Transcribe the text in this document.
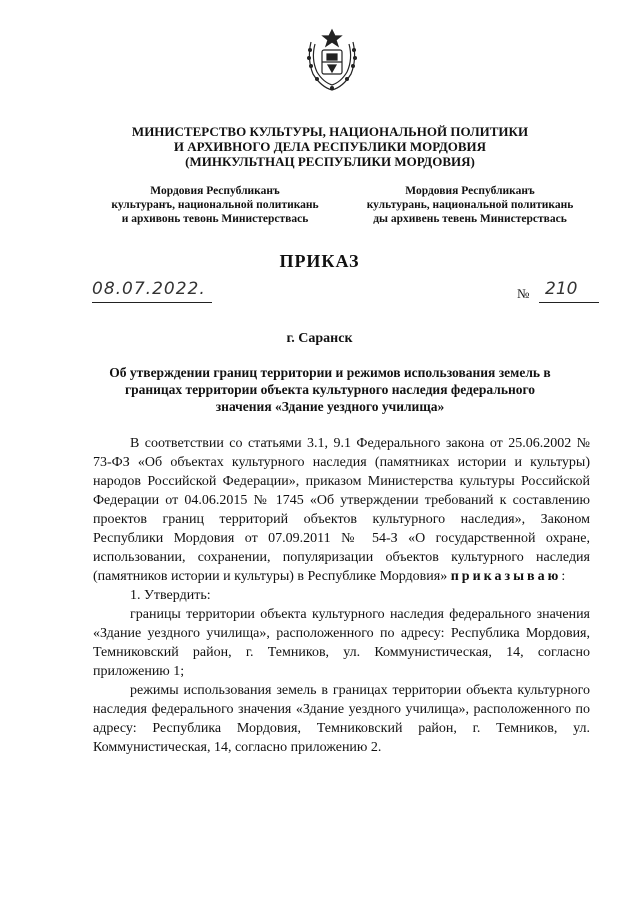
МИНИСТЕРСТВО КУЛЬТУРЫ, НАЦИОНАЛЬНОЙ ПОЛИТИКИ
И АРХИВНОГО ДЕЛА РЕСПУБЛИКИ МОРДОВИЯ
(МИНКУЛЬТНАЦ РЕСПУБЛИКИ МОРДОВИЯ)
Мордовия Республиканъ
культуранъ, национальной политикань
и архивонь тевонь Министерствась
Мордовия Республиканъ
культурань, национальной политикань
ды архивень тевень Министерствась
ПРИКАЗ
08.07.2022.	№ 210
г. Саранск
Об утверждении границ территории и режимов использования земель в
границах территории объекта культурного наследия федерального
значения «Здание уездного училища»

В соответствии со статьями 3.1, 9.1 Федерального закона от 25.06.2002 № 73-ФЗ «Об объектах культурного наследия (памятниках истории и культуры) народов Российской Федерации», приказом Министерства культуры Российской Федерации от 04.06.2015 № 1745 «Об утверждении требований к составлению проектов границ территорий объектов культурного наследия», Законом Республики Мордовия от 07.09.2011 № 54-З «О государственной охране, использовании, сохранении, популяризации объектов культурного наследия (памятников истории и культуры) в Республике Мордовия» приказываю:

1. Утвердить:

границы территории объекта культурного наследия федерального значения «Здание уездного училища», расположенного по адресу: Республика Мордовия, Темниковский район, г. Темников, ул. Коммунистическая, 14, согласно приложению 1;

режимы использования земель в границах территории объекта культурного наследия федерального значения «Здание уездного училища», расположенного по адресу: Республика Мордовия, Темниковский район, г. Темников, ул. Коммунистическая, 14, согласно приложению 2.
